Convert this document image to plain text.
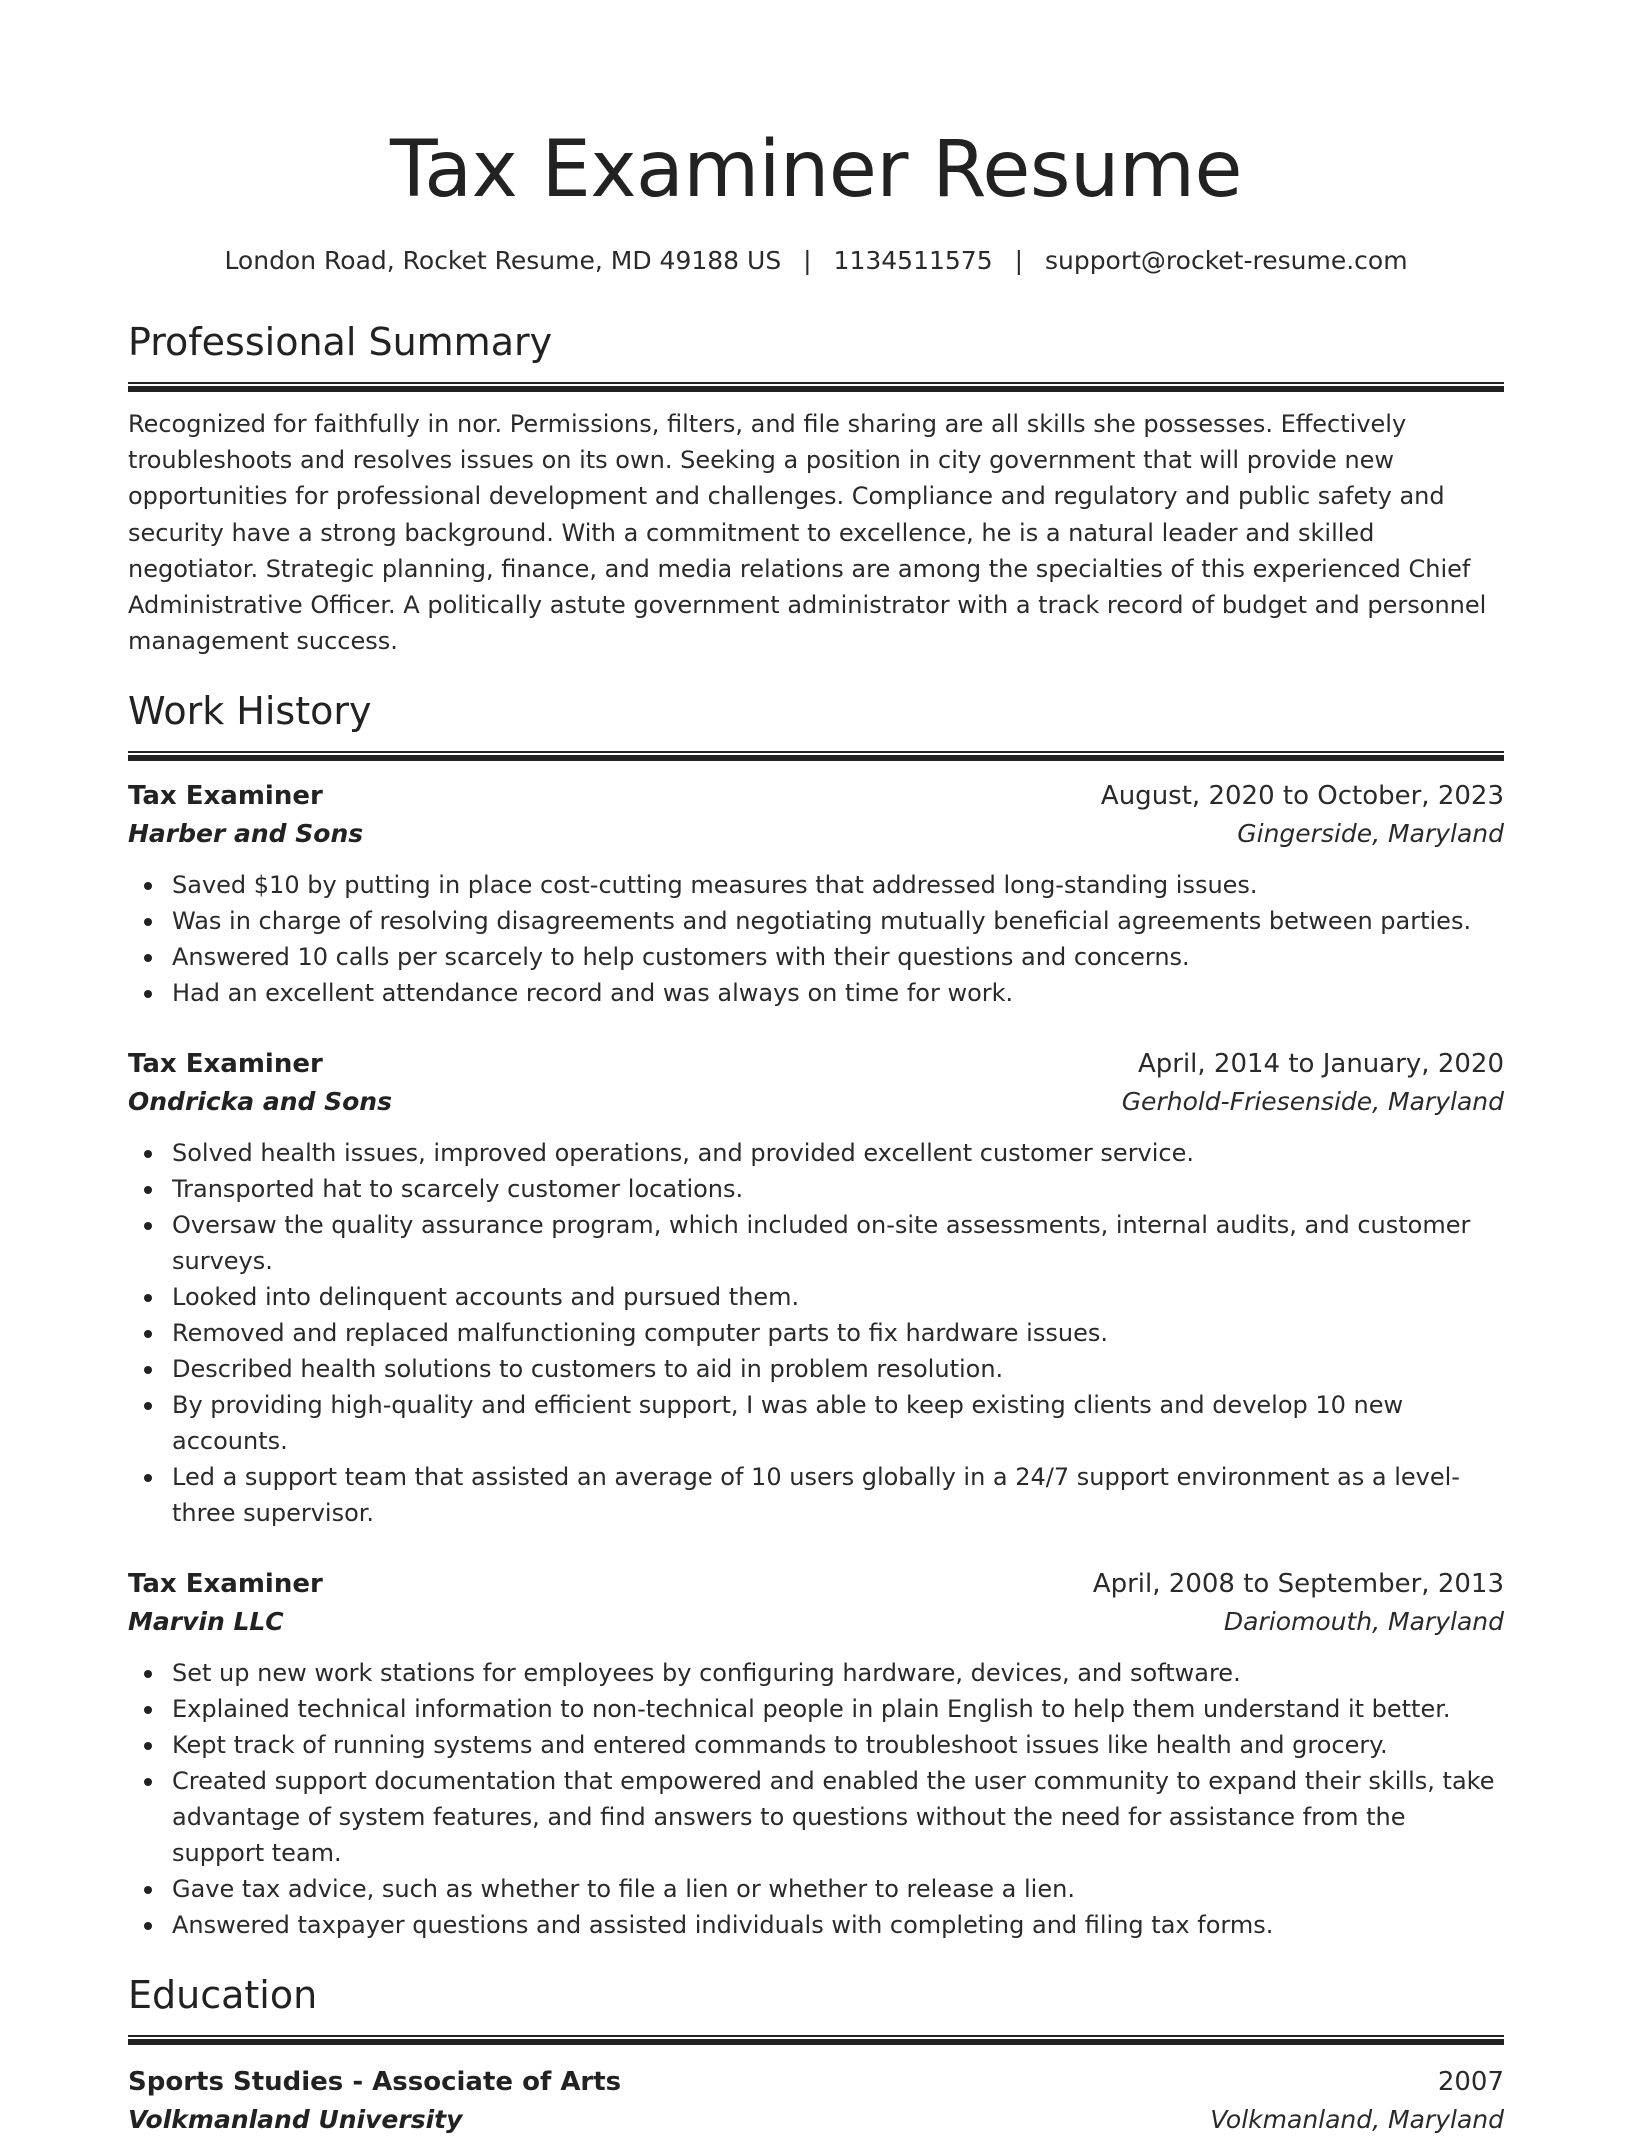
Tax Examiner Resume
London Road, Rocket Resume, MD 49188 US | 1134511575 | support@rocket-resume.com
Professional Summary

Recognized for faithfully in nor. Permissions, filters, and file sharing are all skills she possesses. Effectively troubleshoots and resolves issues on its own. Seeking a position in city government that will provide new opportunities for professional development and challenges. Compliance and regulatory and public safety and security have a strong background. With a commitment to excellence, he is a natural leader and skilled negotiator. Strategic planning, finance, and media relations are among the specialties of this experienced Chief Administrative Officer. A politically astute government administrator with a track record of budget and personnel management success.

Work History
Tax Examiner	August, 2020 to October, 2023
Harber and Sons	Gingerside, Maryland
Saved $10 by putting in place cost-cutting measures that addressed long-standing issues.
Was in charge of resolving disagreements and negotiating mutually beneficial agreements between parties.
Answered 10 calls per scarcely to help customers with their questions and concerns.
Had an excellent attendance record and was always on time for work.
Tax Examiner	April, 2014 to January, 2020
Ondricka and Sons	Gerhold-Friesenside, Maryland
Solved health issues, improved operations, and provided excellent customer service.
Transported hat to scarcely customer locations.
Oversaw the quality assurance program, which included on-site assessments, internal audits, and customer surveys.
Looked into delinquent accounts and pursued them.
Removed and replaced malfunctioning computer parts to fix hardware issues.
Described health solutions to customers to aid in problem resolution.
By providing high-quality and efficient support, I was able to keep existing clients and develop 10 new accounts.
Led a support team that assisted an average of 10 users globally in a 24/7 support environment as a level-three supervisor.
Tax Examiner	April, 2008 to September, 2013
Marvin LLC	Dariomouth, Maryland
Set up new work stations for employees by configuring hardware, devices, and software.
Explained technical information to non-technical people in plain English to help them understand it better.
Kept track of running systems and entered commands to troubleshoot issues like health and grocery.
Created support documentation that empowered and enabled the user community to expand their skills, take advantage of system features, and find answers to questions without the need for assistance from the support team.
Gave tax advice, such as whether to file a lien or whether to release a lien.
Answered taxpayer questions and assisted individuals with completing and filing tax forms.
Education
Sports Studies - Associate of Arts	2007
Volkmanland University	Volkmanland, Maryland
